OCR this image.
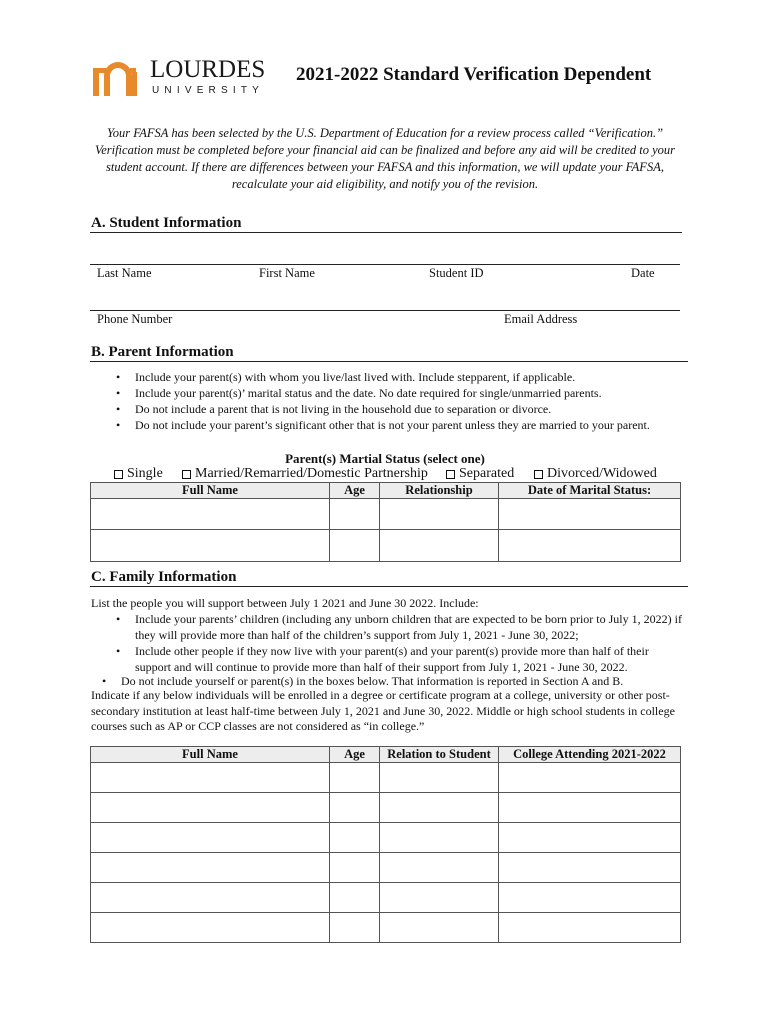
LOURDES
UNIVERSITY
2021-2022 Standard Verification Dependent
Your FAFSA has been selected by the U.S. Department of Education for a review process called “Verification.” Verification must be completed before your financial aid can be finalized and before any aid will be credited to your student account. If there are differences between your FAFSA and this information, we will update your FAFSA, recalculate your aid eligibility, and notify you of the revision.
A. Student Information
Last Name	First Name	Student ID	Date
Phone Number	Email Address
B. Parent Information
• Include your parent(s) with whom you live/last lived with. Include stepparent, if applicable.
• Include your parent(s)’ marital status and the date. No date required for single/unmarried parents.
• Do not include a parent that is not living in the household due to separation or divorce.
• Do not include your parent’s significant other that is not your parent unless they are married to your parent.
Parent(s) Martial Status (select one)
Single Married/Remarried/Domestic Partnership Separated Divorced/Widowed
Full Name	Age	Relationship	Date of Marital Status:

C. Family Information
List the people you will support between July 1 2021 and June 30 2022. Include:
• Include your parents’ children (including any unborn children that are expected to be born prior to July 1, 2022) if they will provide more than half of the children’s support from July 1, 2021 - June 30, 2022;
• Include other people if they now live with your parent(s) and your parent(s) provide more than half of their support and will continue to provide more than half of their support from July 1, 2021 - June 30, 2022.
• Do not include yourself or parent(s) in the boxes below. That information is reported in Section A and B.
Indicate if any below individuals will be enrolled in a degree or certificate program at a college, university or other post-secondary institution at least half-time between July 1, 2021 and June 30, 2022. Middle or high school students in college courses such as AP or CCP classes are not considered as “in college.”
Full Name	Age	Relation to Student	College Attending 2021-2022
